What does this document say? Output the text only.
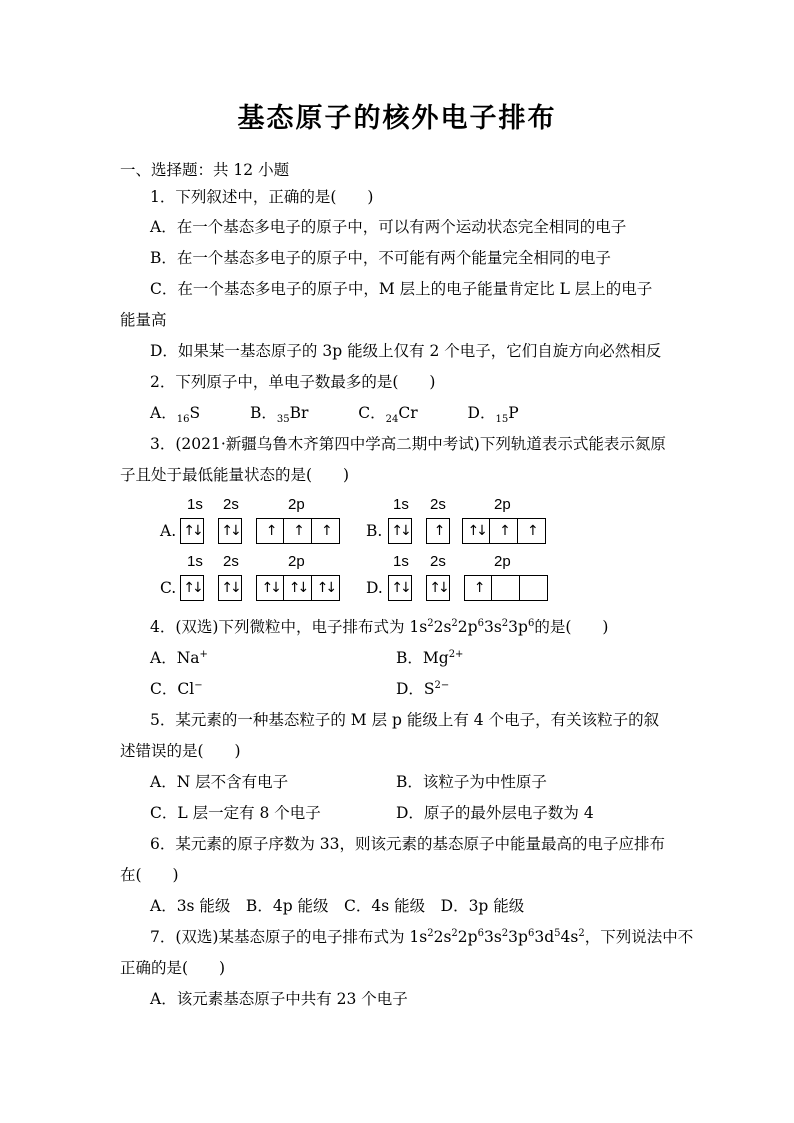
基态原子的核外电子排布
一、选择题：共 12 小题
1．下列叙述中，正确的是(　　)
A．在一个基态多电子的原子中，可以有两个运动状态完全相同的电子
B．在一个基态多电子的原子中，不可能有两个能量完全相同的电子
C．在一个基态多电子的原子中，M 层上的电子能量肯定比 L 层上的电子
能量高
D．如果某一基态原子的 3p 能级上仅有 2 个电子，它们自旋方向必然相反
2．下列原子中，单电子数最多的是(　　)
A．$_{16}$S	B．$_{35}$Br	C．$_{24}$Cr	D．$_{15}$P
3．(2021·新疆乌鲁木齐第四中学高二期中考试)下列轨道表示式能表示氮原
子且处于最低能量状态的是(　　)
1s 2s	2p
A. ↑↓ ↑↓	↑	↑	↑
1s 2s	2p
B. ↑↓	↑	↑↓	↑	↑
1s 2s	2p
C. ↑↓ ↑↓	↑↓ ↑↓ ↑↓
1s 2s	2p
D. ↑↓ ↑↓	↑
4．(双选)下列微粒中，电子排布式为 $1s^22s^22p^63s^23p^6$的是(　　)
A．Na+	B．$Mg^{2+}$
C．Cl−	D．$S^{2-}$
5．某元素的一种基态粒子的 M 层 p 能级上有 4 个电子，有关该粒子的叙
述错误的是(　　)
A．N 层不含有电子	B．该粒子为中性原子
C．L 层一定有 8 个电子	D．原子的最外层电子数为 4
6．某元素的原子序数为 33，则该元素的基态原子中能量最高的电子应排布
在(　　)
A．3s 能级　B．4p 能级　C．4s 能级　D．3p 能级
7．(双选)某基态原子的电子排布式为 $1s^22s^22p^63s^23p^63d^54s^2$，下列说法中不
正确的是(　　)
A．该元素基态原子中共有 23 个电子
